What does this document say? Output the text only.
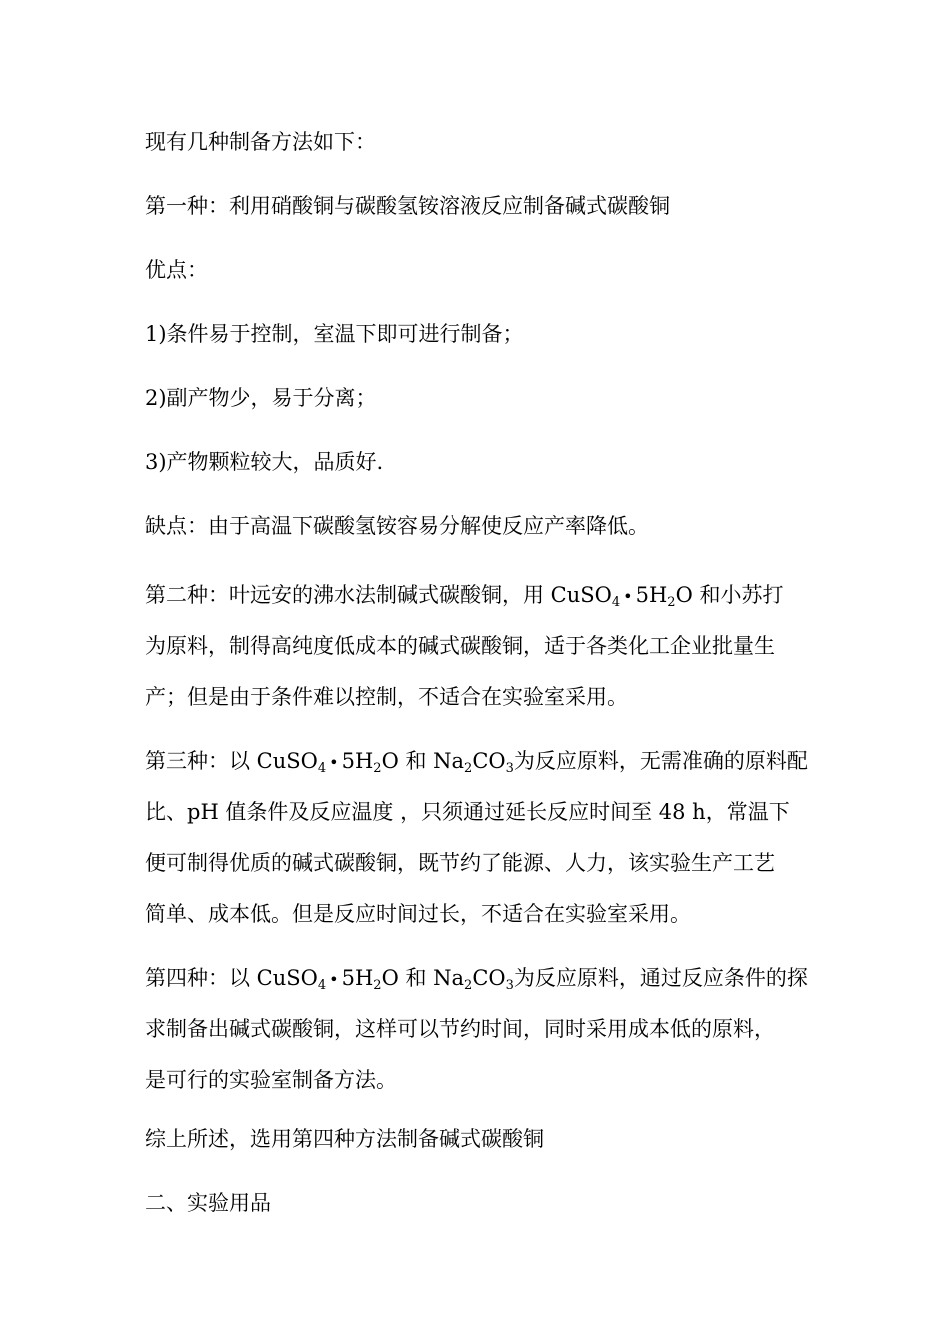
现有几种制备方法如下：

第一种：利用硝酸铜与碳酸氢铵溶液反应制备碱式碳酸铜

优点：

1)条件易于控制，室温下即可进行制备；

2)副产物少，易于分离；

3)产物颗粒较大，品质好.

缺点：由于高温下碳酸氢铵容易分解使反应产率降低。

第二种：叶远安的沸水法制碱式碳酸铜，用 CuSO$_4$ • $5H_2O$ 和小苏打
为原料，制得高纯度低成本的碱式碳酸铜，适于各类化工企业批量生
产；但是由于条件难以控制，不适合在实验室采用。
第三种：以 CuSO$_4$ • $5H_2O$ 和 $Na_2CO_3$为反应原料，无需准确的原料配
比、pH 值条件及反应温度 ，只须通过延长反应时间至 48 h，常温下
便可制得优质的碱式碳酸铜，既节约了能源、人力，该实验生产工艺
简单、成本低。但是反应时间过长，不适合在实验室采用。
第四种：以 CuSO$_4$ • $5H_2O$ 和 $Na_2CO_3$为反应原料，通过反应条件的探
求制备出碱式碳酸铜，这样可以节约时间，同时采用成本低的原料，
是可行的实验室制备方法。

综上所述，选用第四种方法制备碱式碳酸铜

二、实验用品
